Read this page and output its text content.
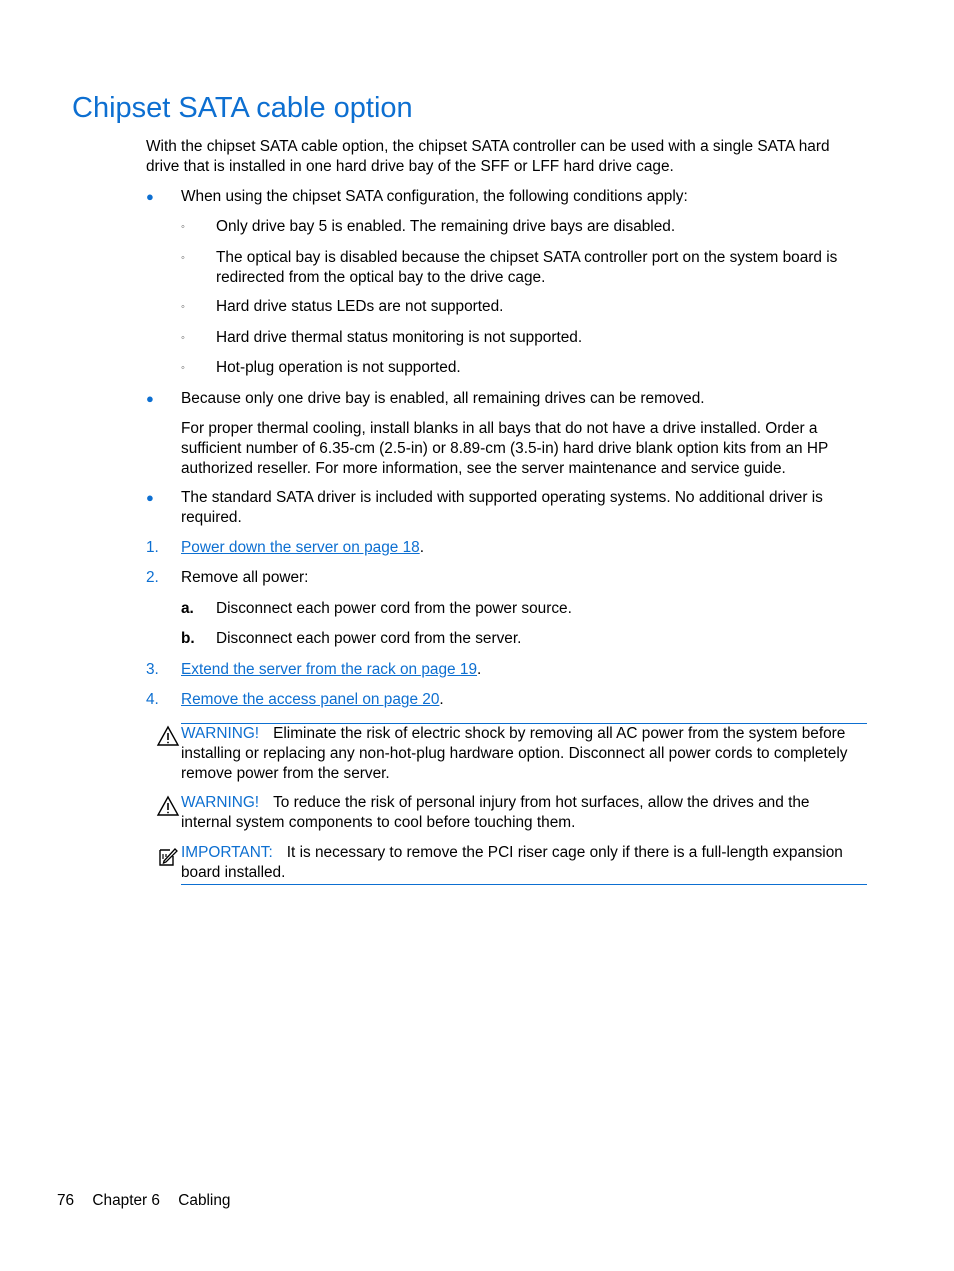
Chipset SATA cable option

With the chipset SATA cable option, the chipset SATA controller can be used with a single SATA hard drive that is installed in one hard drive bay of the SFF or LFF hard drive cage.

● When using the chipset SATA configuration, the following conditions apply:
◦ Only drive bay 5 is enabled. The remaining drive bays are disabled.
◦ The optical bay is disabled because the chipset SATA controller port on the system board is redirected from the optical bay to the drive cage.
◦ Hard drive status LEDs are not supported.
◦ Hard drive thermal status monitoring is not supported.
◦ Hot-plug operation is not supported.
● Because only one drive bay is enabled, all remaining drives can be removed.

For proper thermal cooling, install blanks in all bays that do not have a drive installed. Order a sufficient number of 6.35-cm (2.5-in) or 8.89-cm (3.5-in) hard drive blank option kits from an HP authorized reseller. For more information, see the server maintenance and service guide.

● The standard SATA driver is included with supported operating systems. No additional driver is required.
1. Power down the server on page 18.
2. Remove all power:
a. Disconnect each power cord from the power source.
b. Disconnect each power cord from the server.
3. Extend the server from the rack on page 19.
4. Remove the access panel on page 20.

WARNING! Eliminate the risk of electric shock by removing all AC power from the system before installing or replacing any non-hot-plug hardware option. Disconnect all power cords to completely remove power from the server.

WARNING! To reduce the risk of personal injury from hot surfaces, allow the drives and the internal system components to cool before touching them.

IMPORTANT: It is necessary to remove the PCI riser cage only if there is a full-length expansion board installed.

76 Chapter 6 Cabling
